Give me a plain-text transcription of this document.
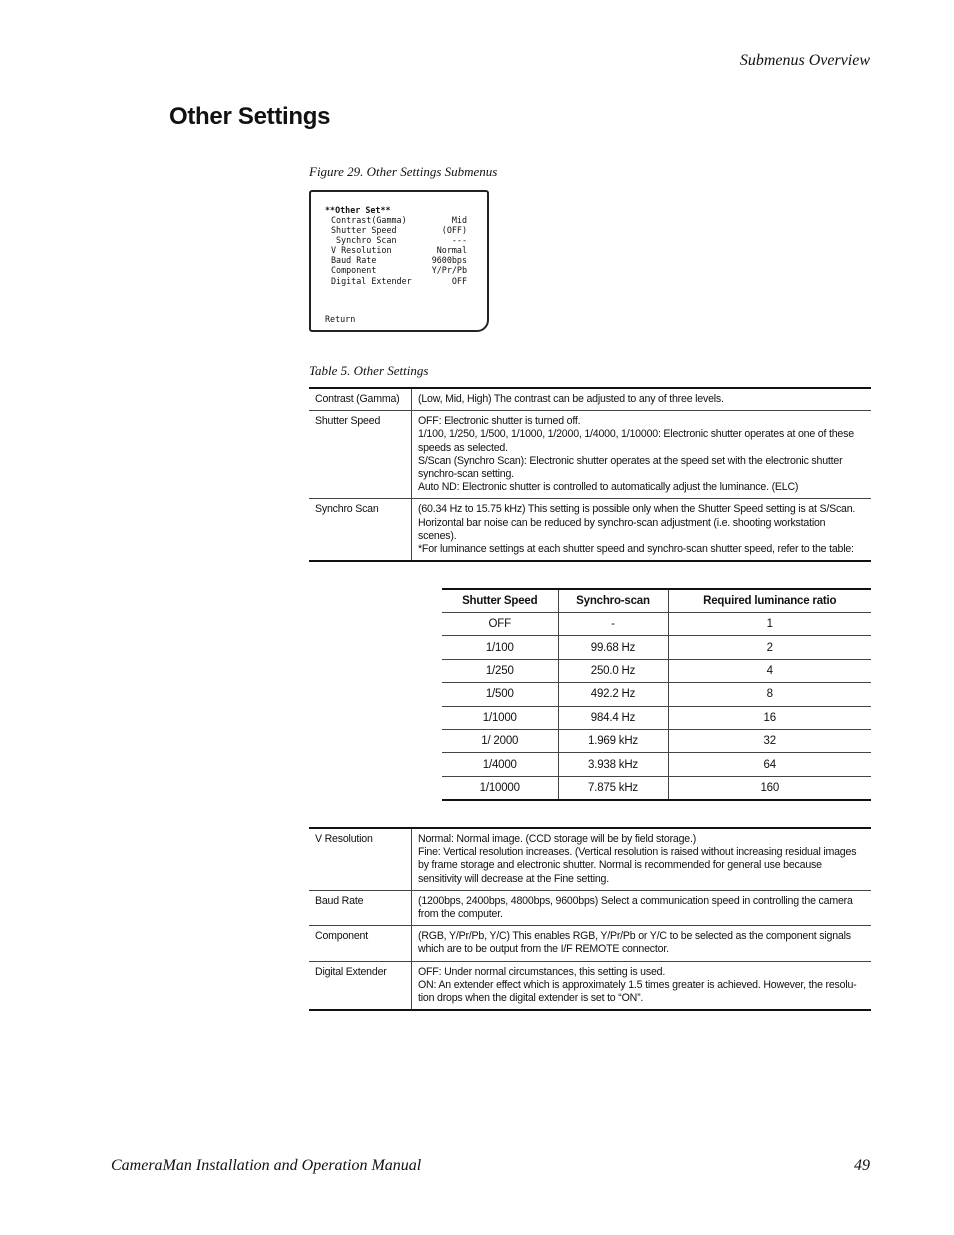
Submenus Overview
Other Settings
Figure 29. Other Settings Submenus
**Other Set**
Contrast(Gamma)	Mid
Shutter Speed	(OFF)
Synchro Scan	---
V Resolution	Normal
Baud Rate	9600bps
Component	Y/Pr/Pb
Digital Extender	OFF
Return
Table 5. Other Settings
Contrast (Gamma)	(Low, Mid, High) The contrast can be adjusted to any of three levels.

Shutter Speed	OFF: Electronic shutter is turned off.
1/100, 1/250, 1/500, 1/1000, 1/2000, 1/4000, 1/10000: Electronic shutter operates at one of these speeds as selected.
S/Scan (Synchro Scan): Electronic shutter operates at the speed set with the electronic shutter synchro-scan setting.
Auto ND: Electronic shutter is controlled to automatically adjust the luminance. (ELC)

Synchro Scan	(60.34 Hz to 15.75 kHz) This setting is possible only when the Shutter Speed setting is at S/Scan. Horizontal bar noise can be reduced by synchro-scan adjustment (i.e. shooting workstation scenes).
*For luminance settings at each shutter speed and synchro-scan shutter speed, refer to the table:
Shutter Speed	Synchro-scan	Required luminance ratio
OFF	-	1
1/100	99.68 Hz	2
1/250	250.0 Hz	4
1/500	492.2 Hz	8
1/1000	984.4 Hz	16
1/ 2000	1.969 kHz	32
1/4000	3.938 kHz	64
1/10000	7.875 kHz	160
V Resolution	Normal: Normal image. (CCD storage will be by field storage.)
Fine: Vertical resolution increases. (Vertical resolution is raised without increasing residual images by frame storage and electronic shutter. Normal is recommended for general use because sensitivity will decrease at the Fine setting.

Baud Rate	(1200bps, 2400bps, 4800bps, 9600bps) Select a communication speed in controlling the camera from the computer.

Component	(RGB, Y/Pr/Pb, Y/C) This enables RGB, Y/Pr/Pb or Y/C to be selected as the component signals which are to be output from the I/F REMOTE connector.

Digital Extender	OFF: Under normal circumstances, this setting is used.
ON: An extender effect which is approximately 1.5 times greater is achieved. However, the resolu-tion drops when the digital extender is set to “ON”.
CameraMan Installation and Operation Manual	49
